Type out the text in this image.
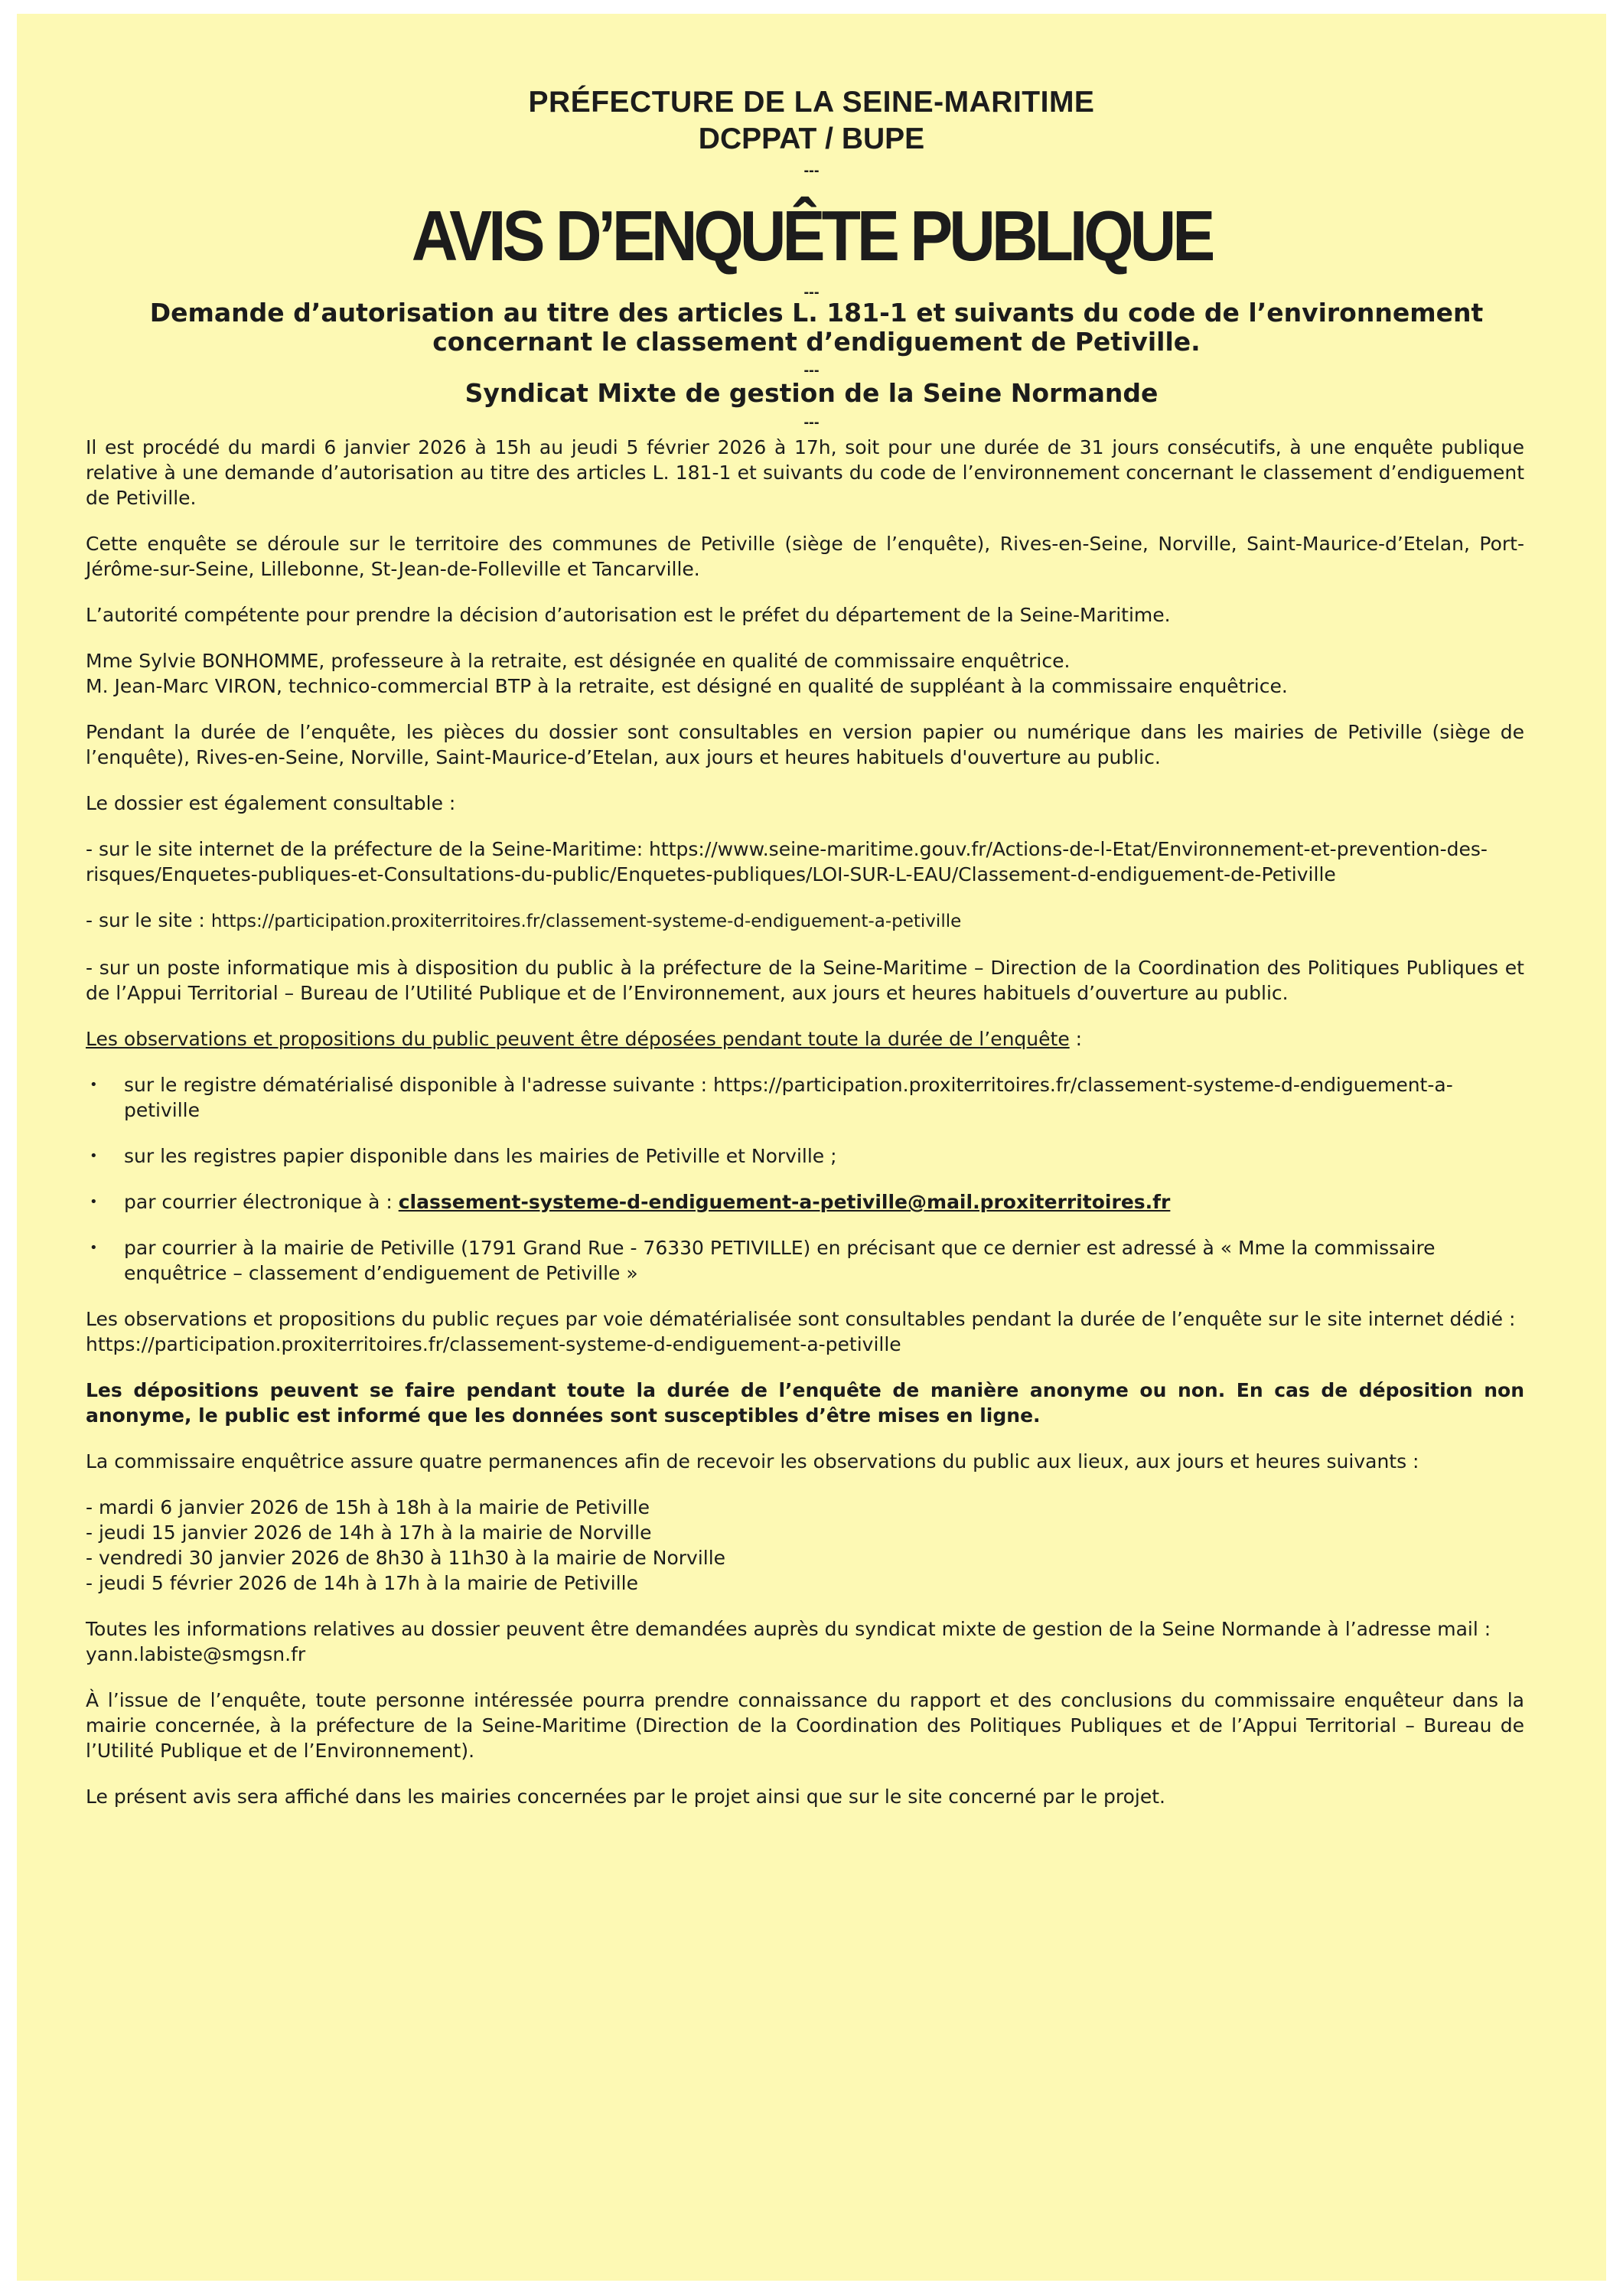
PRÉFECTURE DE LA SEINE-MARITIME
DCPPAT / BUPE
---
AVIS D’ENQUÊTE PUBLIQUE
---
Demande d’autorisation au titre des articles L. 181-1 et suivants du code de l’environnement concernant le classement d’endiguement de Petiville.
---
Syndicat Mixte de gestion de la Seine Normande
---

Il est procédé du mardi 6 janvier 2026 à 15h au jeudi 5 février 2026 à 17h, soit pour une durée de 31 jours consécutifs, à une enquête publique relative à une demande d’autorisation au titre des articles L. 181-1 et suivants du code de l’environnement concernant le classement d’endiguement de Petiville.

Cette enquête se déroule sur le territoire des communes de Petiville (siège de l’enquête), Rives-en-Seine, Norville, Saint-Maurice-d’Etelan, Port-Jérôme-sur-Seine, Lillebonne, St-Jean-de-Folleville et Tancarville.

L’autorité compétente pour prendre la décision d’autorisation est le préfet du département de la Seine-Maritime.

Mme Sylvie BONHOMME, professeure à la retraite, est désignée en qualité de commissaire enquêtrice.
M. Jean-Marc VIRON, technico-commercial BTP à la retraite, est désigné en qualité de suppléant à la commissaire enquêtrice.

Pendant la durée de l’enquête, les pièces du dossier sont consultables en version papier ou numérique dans les mairies de Petiville (siège de l’enquête), Rives-en-Seine, Norville, Saint-Maurice-d’Etelan, aux jours et heures habituels d'ouverture au public.

Le dossier est également consultable :

- sur le site internet de la préfecture de la Seine-Maritime: https://www.seine-maritime.gouv.fr/Actions-de-l-Etat/Environnement-et-prevention-des-risques/Enquetes-publiques-et-Consultations-du-public/Enquetes-publiques/LOI-SUR-L-EAU/Classement-d-endiguement-de-Petiville

- sur le site : https://participation.proxiterritoires.fr/classement-systeme-d-endiguement-a-petiville

- sur un poste informatique mis à disposition du public à la préfecture de la Seine-Maritime – Direction de la Coordination des Politiques Publiques et de l’Appui Territorial – Bureau de l’Utilité Publique et de l’Environnement, aux jours et heures habituels d’ouverture au public.

Les observations et propositions du public peuvent être déposées pendant toute la durée de l’enquête :

• sur le registre dématérialisé disponible à l'adresse suivante : https://participation.proxiterritoires.fr/classement-systeme-d-endiguement-a-petiville
• sur les registres papier disponible dans les mairies de Petiville et Norville ;
• par courrier électronique à : classement-systeme-d-endiguement-a-petiville@mail.proxiterritoires.fr
• par courrier à la mairie de Petiville (1791 Grand Rue - 76330 PETIVILLE) en précisant que ce dernier est adressé à « Mme la commissaire enquêtrice – classement d’endiguement de Petiville »

Les observations et propositions du public reçues par voie dématérialisée sont consultables pendant la durée de l’enquête sur le site internet dédié : https://participation.proxiterritoires.fr/classement-systeme-d-endiguement-a-petiville

Les dépositions peuvent se faire pendant toute la durée de l’enquête de manière anonyme ou non. En cas de déposition non anonyme, le public est informé que les données sont susceptibles d’être mises en ligne.

La commissaire enquêtrice assure quatre permanences afin de recevoir les observations du public aux lieux, aux jours et heures suivants :

- mardi 6 janvier 2026 de 15h à 18h à la mairie de Petiville
- jeudi 15 janvier 2026 de 14h à 17h à la mairie de Norville
- vendredi 30 janvier 2026 de 8h30 à 11h30 à la mairie de Norville
- jeudi 5 février 2026 de 14h à 17h à la mairie de Petiville

Toutes les informations relatives au dossier peuvent être demandées auprès du syndicat mixte de gestion de la Seine Normande à l’adresse mail : yann.labiste@smgsn.fr

À l’issue de l’enquête, toute personne intéressée pourra prendre connaissance du rapport et des conclusions du commissaire enquêteur dans la mairie concernée, à la préfecture de la Seine-Maritime (Direction de la Coordination des Politiques Publiques et de l’Appui Territorial – Bureau de l’Utilité Publique et de l’Environnement).

Le présent avis sera affiché dans les mairies concernées par le projet ainsi que sur le site concerné par le projet.
